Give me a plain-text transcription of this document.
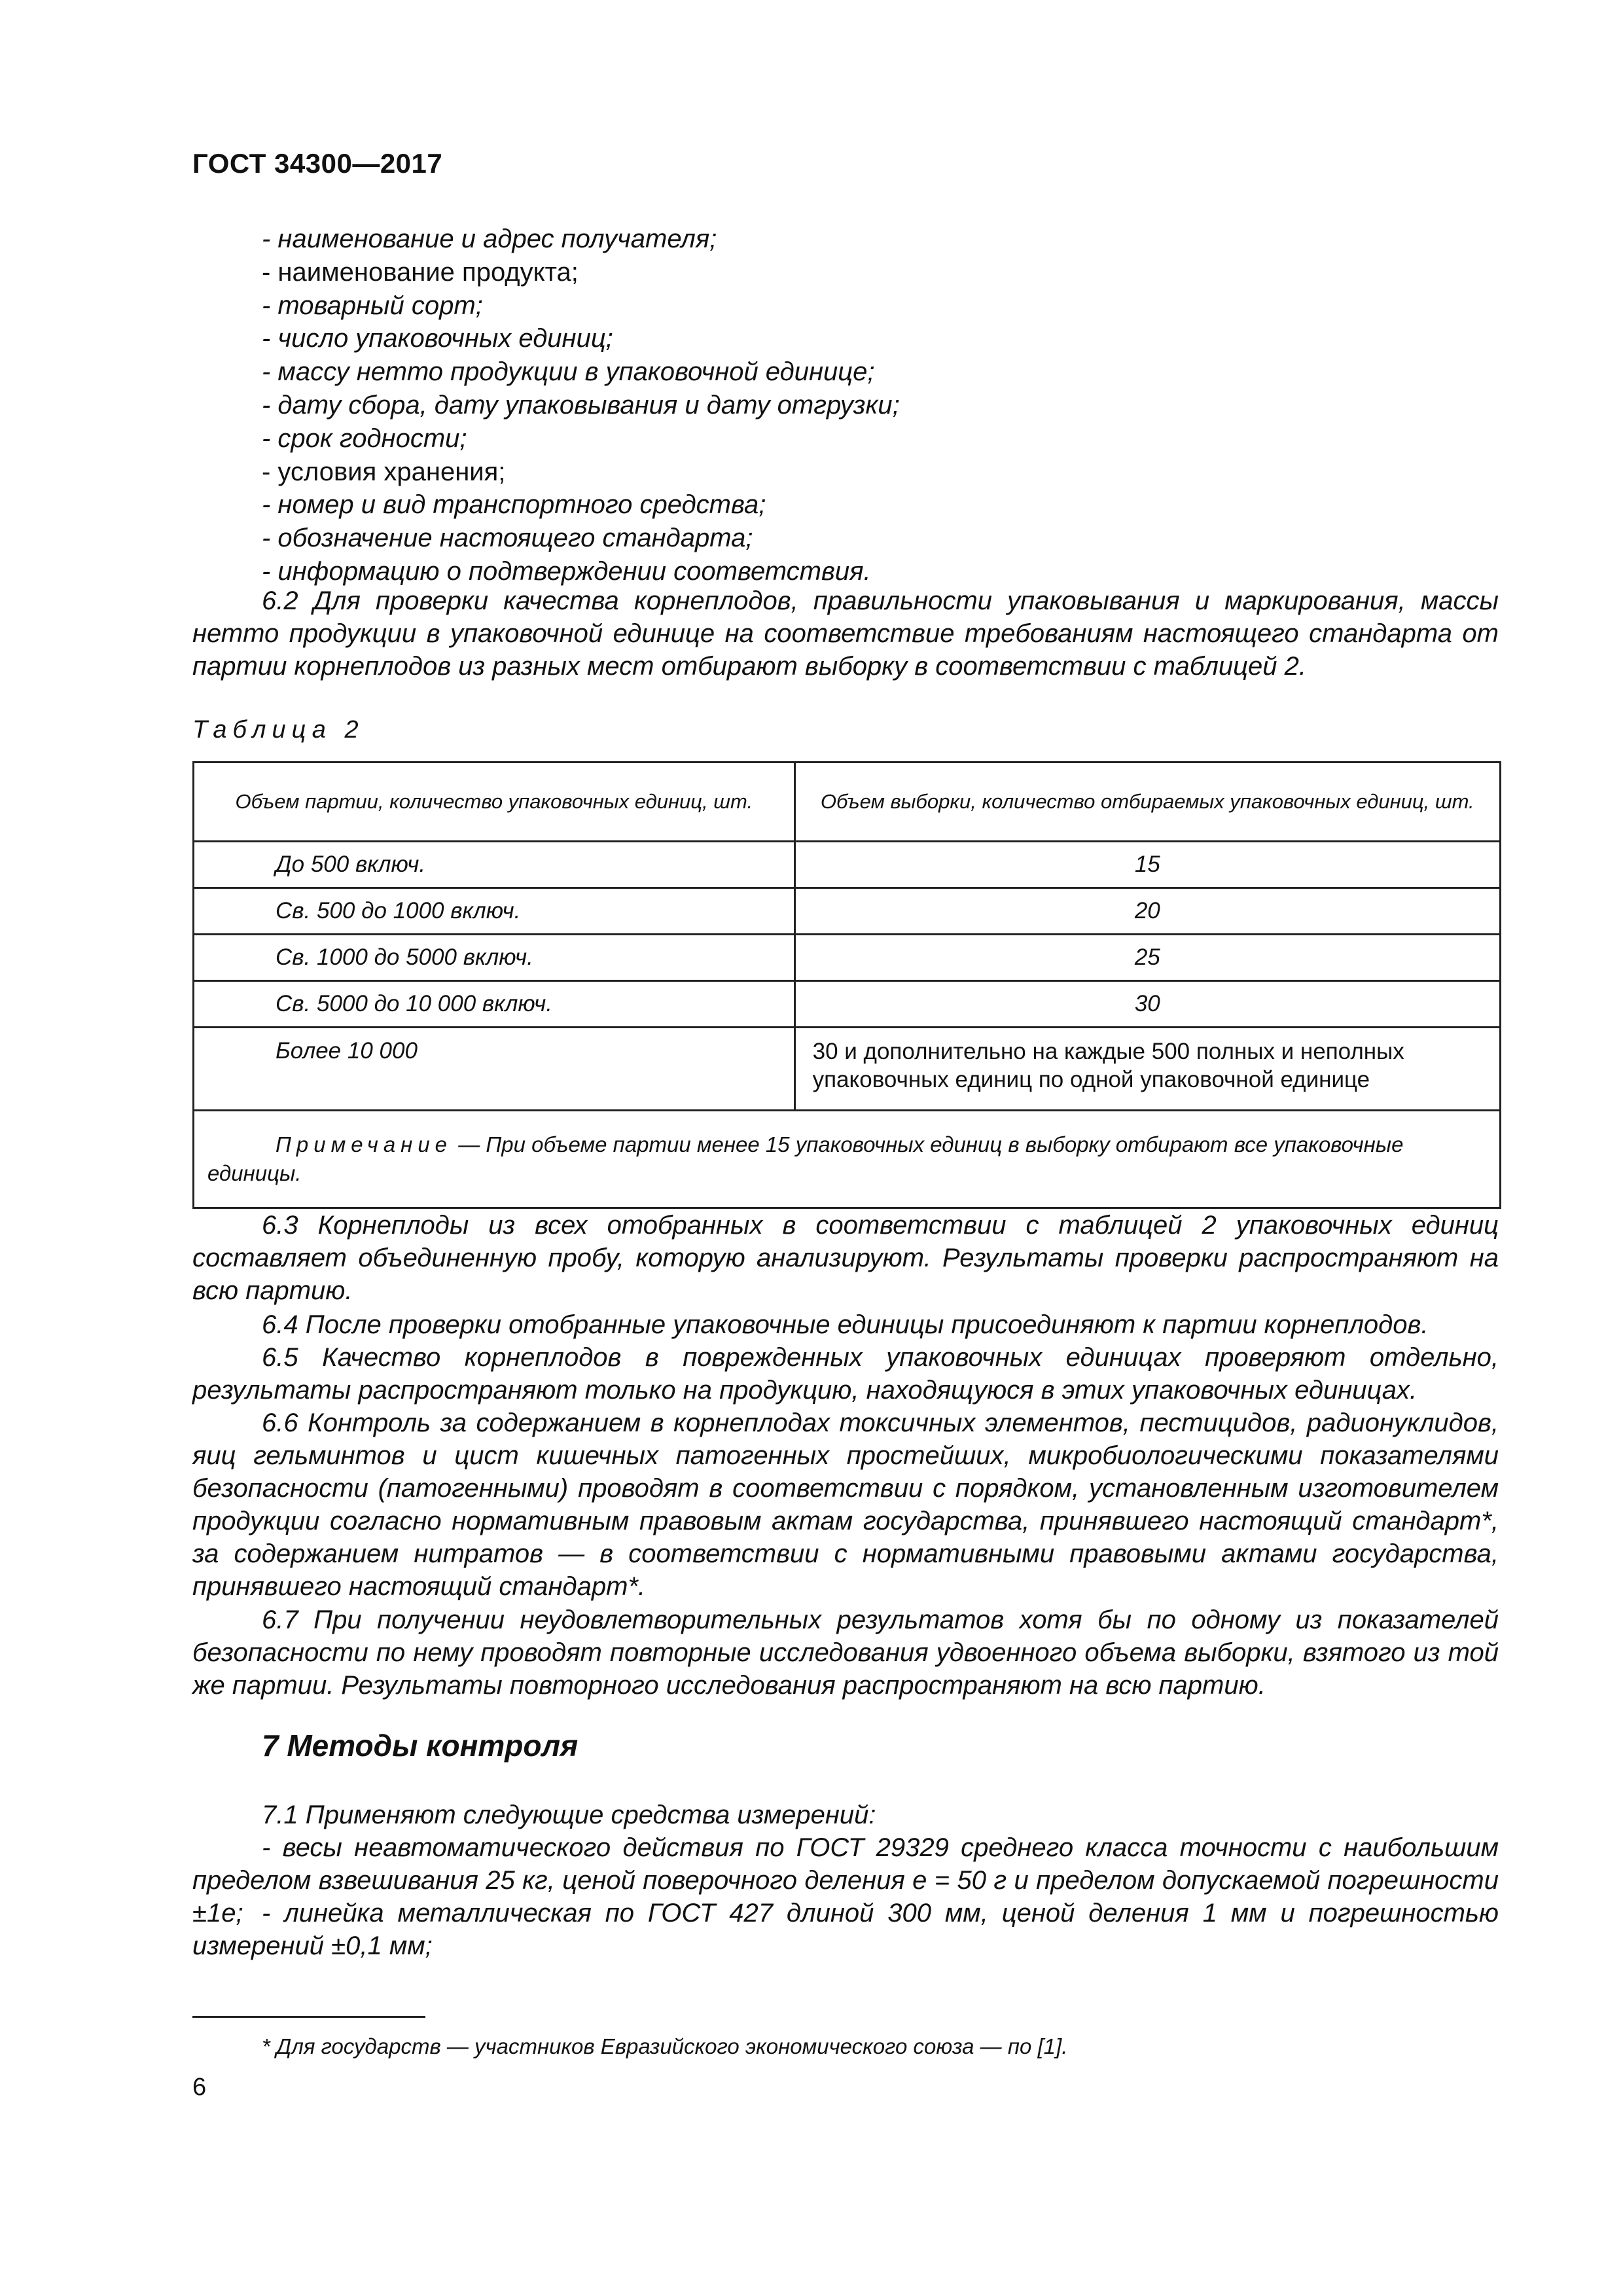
ГОСТ 34300—2017
- наименование и адрес получателя;
- наименование продукта;
- товарный сорт;
- число упаковочных единиц;
- массу нетто продукции в упаковочной единице;
- дату сбора, дату упаковывания и дату отгрузки;
- срок годности;
- условия хранения;
- номер и вид транспортного средства;
- обозначение настоящего стандарта;
- информацию о подтверждении соответствия.
6.2 Для проверки качества корнеплодов, правильности упаковывания и маркирования, массы нетто продукции в упаковочной единице на соответствие требованиям настоящего стандарта от партии корнеплодов из разных мест отбирают выборку в соответствии с таблицей 2.
Таблица 2
Объем партии, количество упаковочных единиц, шт.	Объем выборки, количество отбираемых упаковочных единиц, шт.
До 500 включ.	15
Св. 500 до 1000 включ.	20
Св. 1000 до 5000 включ.	25
Св. 5000 до 10 000 включ.	30
Более 10 000	30 и дополнительно на каждые 500 полных и неполных упаковочных единиц по одной упаковочной единице
Примечание — При объеме партии менее 15 упаковочных единиц в выборку отбирают все упаковочные единицы.	
6.3 Корнеплоды из всех отобранных в соответствии с таблицей 2 упаковочных единиц составляет объединенную пробу, которую анализируют. Результаты проверки распространяют на всю партию.
6.4 После проверки отобранные упаковочные единицы присоединяют к партии корнеплодов.
6.5 Качество корнеплодов в поврежденных упаковочных единицах проверяют отдельно, результаты распространяют только на продукцию, находящуюся в этих упаковочных единицах.
6.6 Контроль за содержанием в корнеплодах токсичных элементов, пестицидов, радионуклидов, яиц гельминтов и цист кишечных патогенных простейших, микробиологическими показателями безопасности (патогенными) проводят в соответствии с порядком, установленным изготовителем продукции согласно нормативным правовым актам государства, принявшего настоящий стандарт*, за содержанием нитратов — в соответствии с нормативными правовыми актами государства, принявшего настоящий стандарт*.
6.7 При получении неудовлетворительных результатов хотя бы по одному из показателей безопасности по нему проводят повторные исследования удвоенного объема выборки, взятого из той же партии. Результаты повторного исследования распространяют на всю партию.
7 Методы контроля
7.1 Применяют следующие средства измерений:
- весы неавтоматического действия по ГОСТ 29329 среднего класса точности с наибольшим пределом взвешивания 25 кг, ценой поверочного деления е = 50 г и пределом допускаемой погрешности ±1е; - линейка металлическая по ГОСТ 427 длиной 300 мм, ценой деления 1 мм и погрешностью измерений ±0,1 мм;
* Для государств — участников Евразийского экономического союза — по [1].
6
